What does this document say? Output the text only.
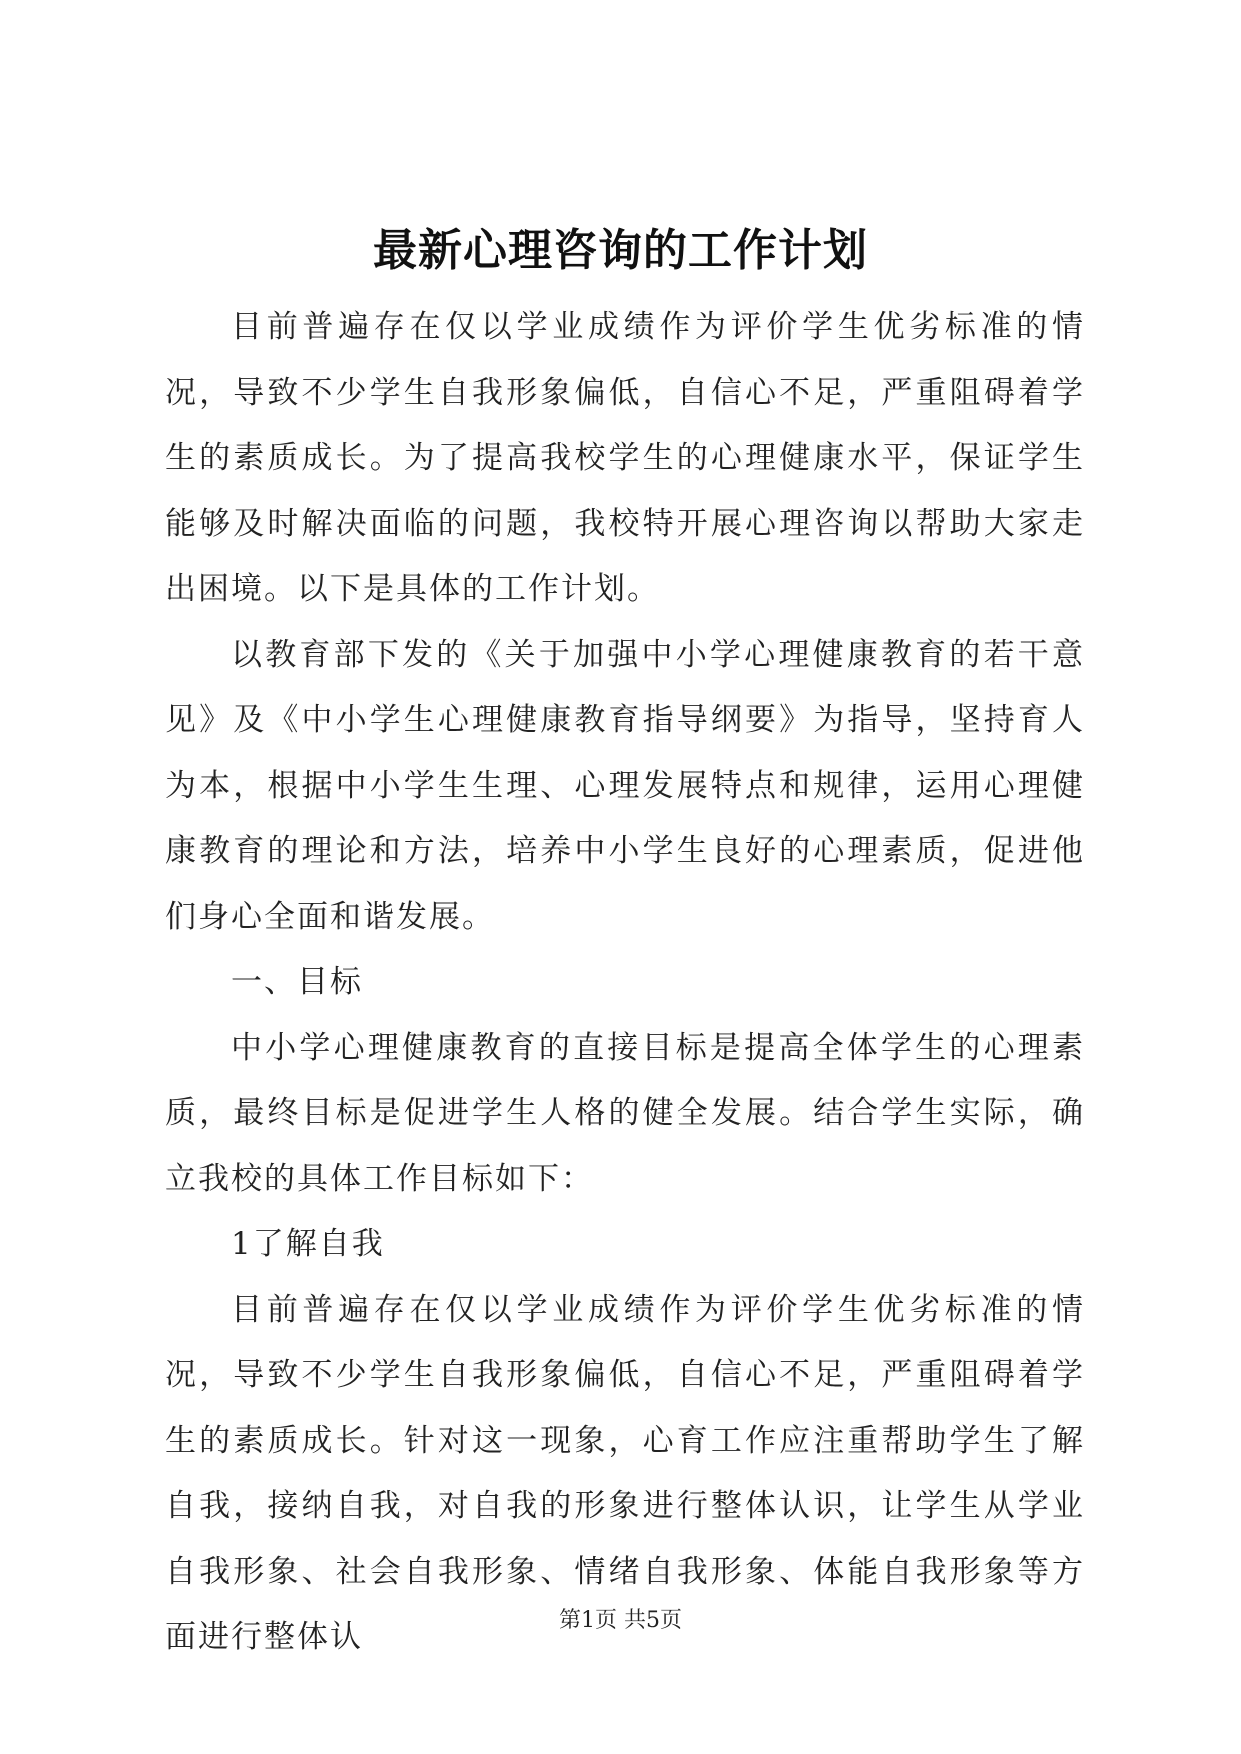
最新心理咨询的工作计划

目前普遍存在仅以学业成绩作为评价学生优劣标准的情况，导致不少学生自我形象偏低，自信心不足，严重阻碍着学生的素质成长。为了提高我校学生的心理健康水平，保证学生能够及时解决面临的问题，我校特开展心理咨询以帮助大家走出困境。以下是具体的工作计划。

以教育部下发的《关于加强中小学心理健康教育的若干意见》及《中小学生心理健康教育指导纲要》为指导，坚持育人为本，根据中小学生生理、心理发展特点和规律，运用心理健康教育的理论和方法，培养中小学生良好的心理素质，促进他们身心全面和谐发展。

一、目标

中小学心理健康教育的直接目标是提高全体学生的心理素质，最终目标是促进学生人格的健全发展。结合学生实际，确立我校的具体工作目标如下：

1了解自我

目前普遍存在仅以学业成绩作为评价学生优劣标准的情况，导致不少学生自我形象偏低，自信心不足，严重阻碍着学生的素质成长。针对这一现象，心育工作应注重帮助学生了解自我，接纳自我，对自我的形象进行整体认识，让学生从学业自我形象、社会自我形象、情绪自我形象、体能自我形象等方面进行整体认	第1页 共5页
